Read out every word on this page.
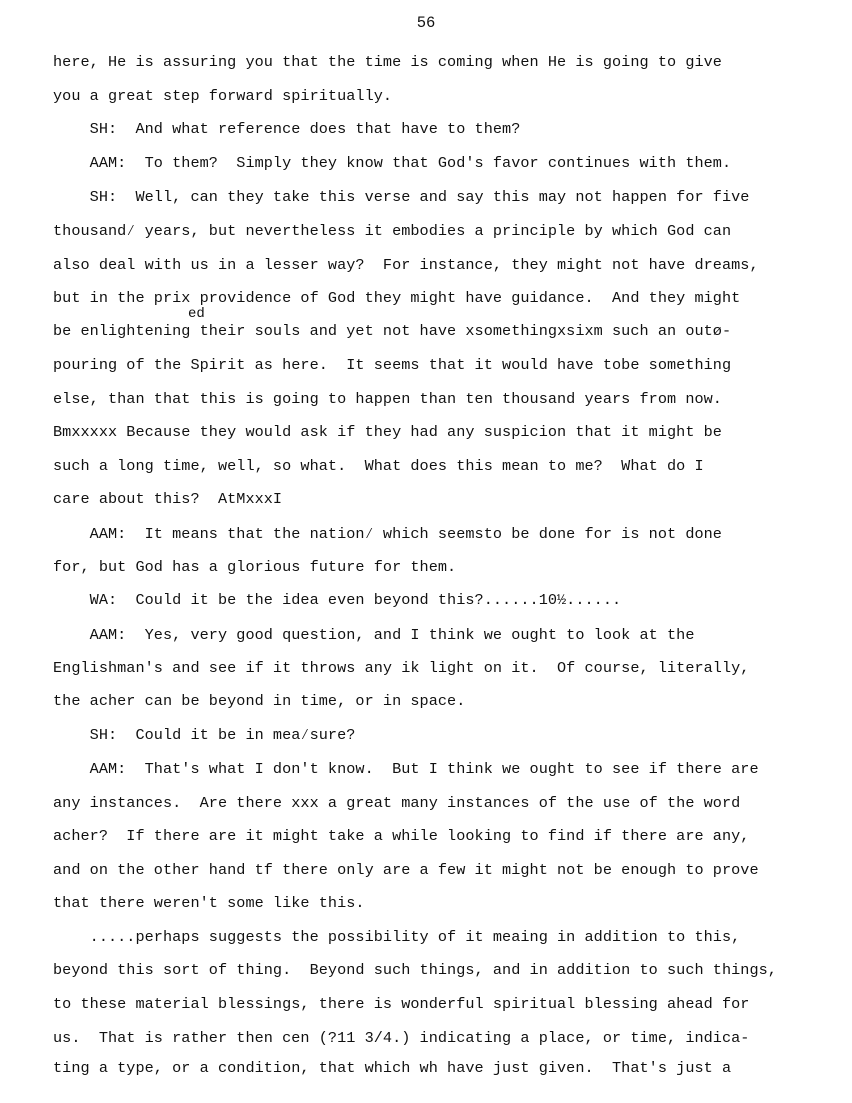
56
ed
here, He is assuring you that the time is coming when He is going to give
you a great step forward spiritually.
SH:  And what reference does that have to them?
AAM:  To them?  Simply they know that God's favor continues with them.
SH:  Well, can they take this verse and say this may not happen for five
thousand⁄ years, but nevertheless it embodies a principle by which God can
also deal with us in a lesser way?  For instance, they might not have dreams,
but in the prix providence of God they might have guidance.  And they might
be enlightening their souls and yet not have xsomethingxsixm such an outø-
pouring of the Spirit as here.  It seems that it would have tobe something
else, than that this is going to happen than ten thousand years from now.
Bmxxxxx Because they would ask if they had any suspicion that it might be
such a long time, well, so what.  What does this mean to me?  What do I
care about this?  AtMxxxI
AAM:  It means that the nation⁄ which seemsto be done for is not done
for, but God has a glorious future for them.
WA:  Could it be the idea even beyond this?......10½......
AAM:  Yes, very good question, and I think we ought to look at the
Englishman's and see if it throws any ik light on it.  Of course, literally,
the acher can be beyond in time, or in space.
SH:  Could it be in mea⁄sure?
AAM:  That's what I don't know.  But I think we ought to see if there are
any instances.  Are there xxx a great many instances of the use of the word
acher?  If there are it might take a while looking to find if there are any,
and on the other hand tf there only are a few it might not be enough to prove
that there weren't some like this.
.....perhaps suggests the possibility of it meaing in addition to this,
beyond this sort of thing.  Beyond such things, and in addition to such things,
to these material blessings, there is wonderful spiritual blessing ahead for
us.  That is rather then cen (?11 3/4.) indicating a place, or time, indica-
ting a type, or a condition, that which wh have just given.  That's just a
